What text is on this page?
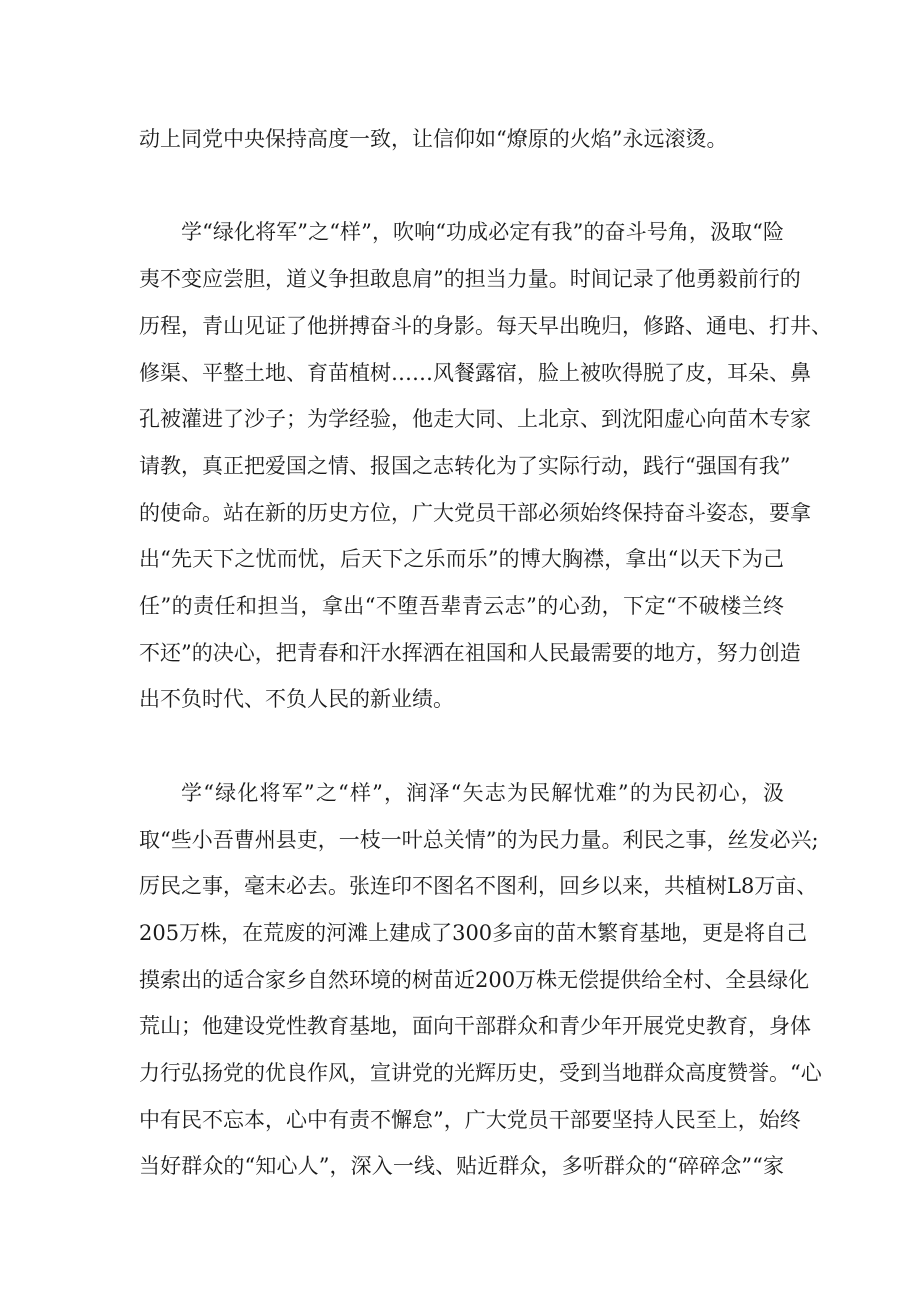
动上同党中央保持高度一致，让信仰如“燎原的火焰”永远滚烫。
学“绿化将军”之“样”，吹响“功成必定有我”的奋斗号角，汲取“险
夷不变应尝胆，道义争担敢息肩”的担当力量。时间记录了他勇毅前行的
历程，青山见证了他拼搏奋斗的身影。每天早出晚归，修路、通电、打井、
修渠、平整土地、育苗植树……风餐露宿，脸上被吹得脱了皮，耳朵、鼻
孔被灌进了沙子；为学经验，他走大同、上北京、到沈阳虚心向苗木专家
请教，真正把爱国之情、报国之志转化为了实际行动，践行“强国有我”
的使命。站在新的历史方位，广大党员干部必须始终保持奋斗姿态，要拿
出“先天下之忧而忧，后天下之乐而乐”的博大胸襟，拿出“以天下为己
任”的责任和担当，拿出“不堕吾辈青云志”的心劲，下定“不破楼兰终
不还”的决心，把青春和汗水挥洒在祖国和人民最需要的地方，努力创造
出不负时代、不负人民的新业绩。
学“绿化将军”之“样”，润泽“矢志为民解忧难”的为民初心，汲
取“些小吾曹州县吏，一枝一叶总关情”的为民力量。利民之事，丝发必兴;
厉民之事，毫末必去。张连印不图名不图利，回乡以来，共植树L8万亩、
205万株，在荒废的河滩上建成了300多亩的苗木繁育基地，更是将自己
摸索出的适合家乡自然环境的树苗近200万株无偿提供给全村、全县绿化
荒山；他建设党性教育基地，面向干部群众和青少年开展党史教育，身体
力行弘扬党的优良作风，宣讲党的光辉历史，受到当地群众高度赞誉。“心
中有民不忘本，心中有责不懈怠”，广大党员干部要坚持人民至上，始终
当好群众的“知心人”，深入一线、贴近群众，多听群众的“碎碎念”“家
